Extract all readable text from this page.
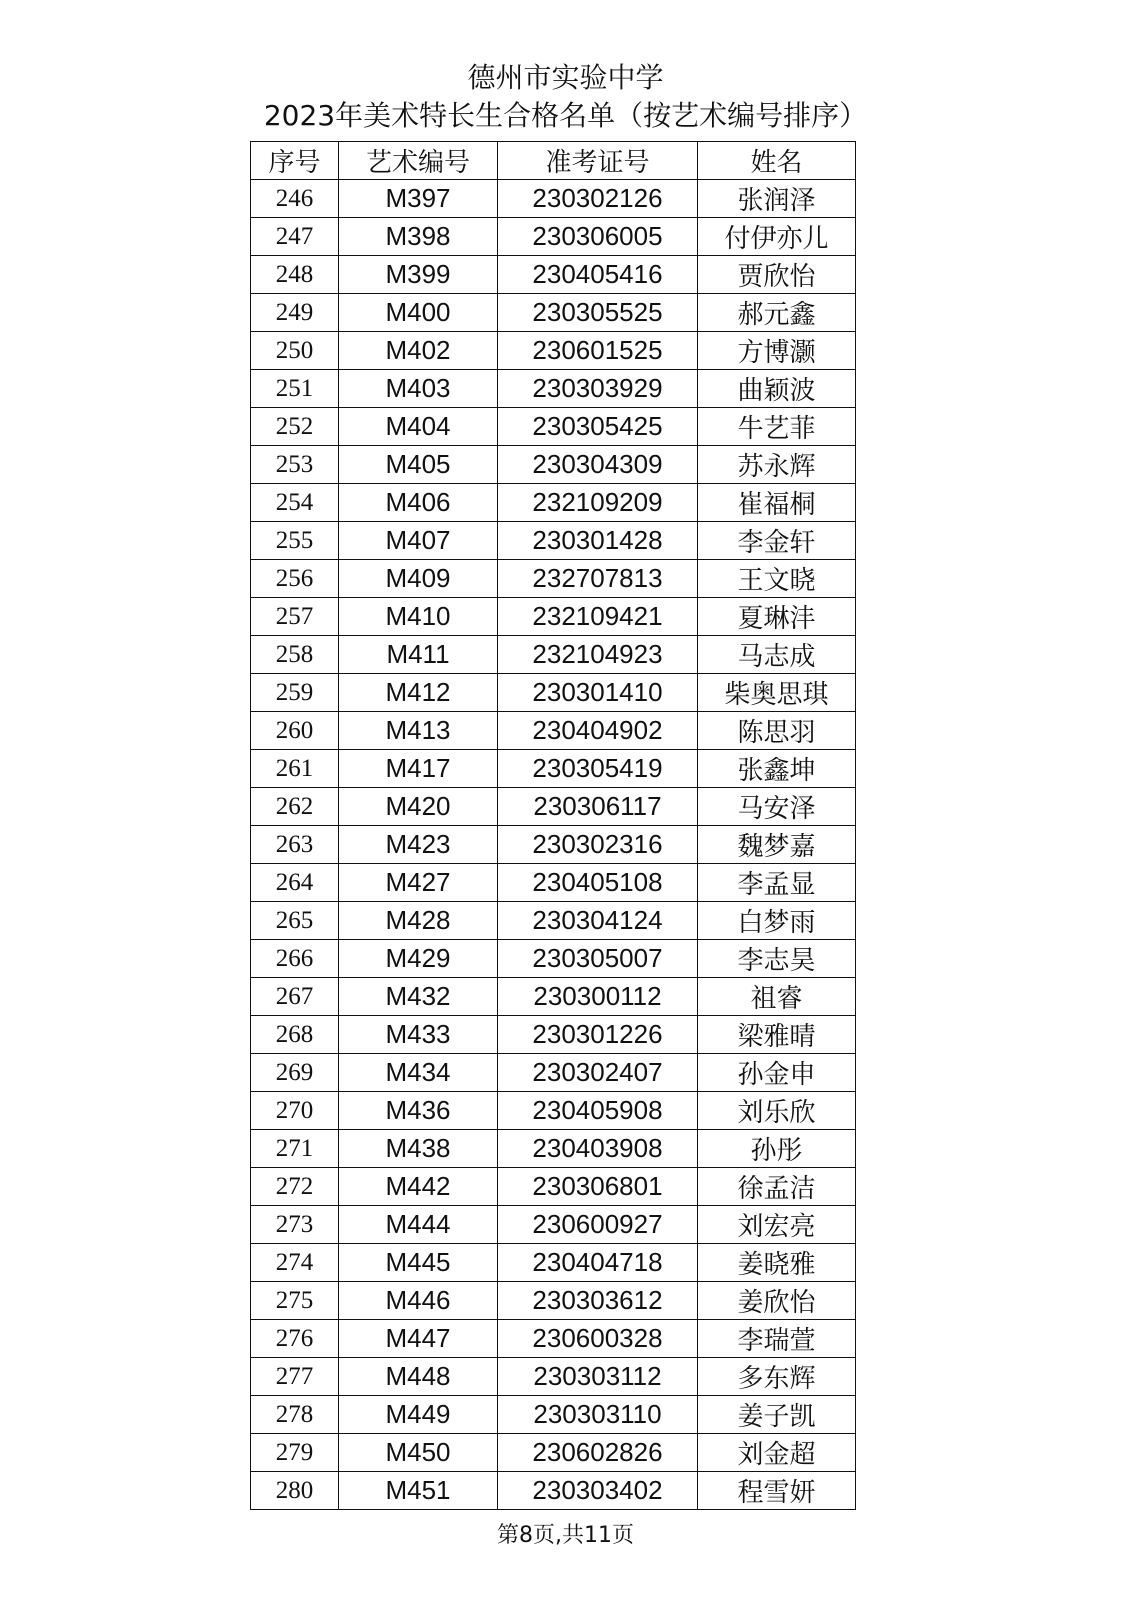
德州市实验中学
2023年美术特长生合格名单（按艺术编号排序）
序号	艺术编号	准考证号	姓名
246	M397	230302126	张润泽
247	M398	230306005	付伊亦儿
248	M399	230405416	贾欣怡
249	M400	230305525	郝元鑫
250	M402	230601525	方博灏
251	M403	230303929	曲颖波
252	M404	230305425	牛艺菲
253	M405	230304309	苏永辉
254	M406	232109209	崔福桐
255	M407	230301428	李金轩
256	M409	232707813	王文晓
257	M410	232109421	夏琳沣
258	M411	232104923	马志成
259	M412	230301410	柴奥思琪
260	M413	230404902	陈思羽
261	M417	230305419	张鑫坤
262	M420	230306117	马安泽
263	M423	230302316	魏梦嘉
264	M427	230405108	李孟显
265	M428	230304124	白梦雨
266	M429	230305007	李志昊
267	M432	230300112	祖睿
268	M433	230301226	梁雅晴
269	M434	230302407	孙金申
270	M436	230405908	刘乐欣
271	M438	230403908	孙彤
272	M442	230306801	徐孟洁
273	M444	230600927	刘宏亮
274	M445	230404718	姜晓雅
275	M446	230303612	姜欣怡
276	M447	230600328	李瑞萱
277	M448	230303112	多东辉
278	M449	230303110	姜子凯
279	M450	230602826	刘金超
280	M451	230303402	程雪妍
第8页,共11页
